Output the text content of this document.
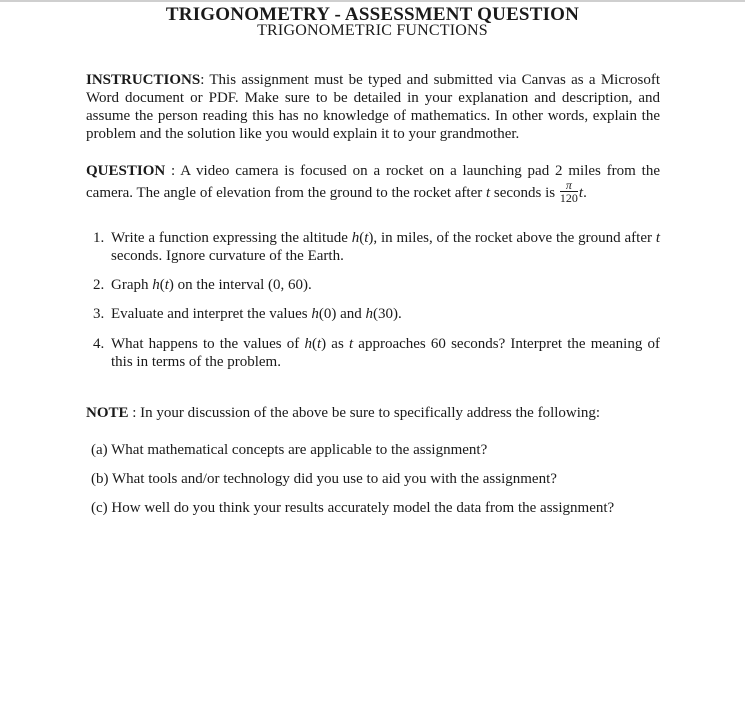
TRIGONOMETRY - ASSESSMENT QUESTION
TRIGONOMETRIC FUNCTIONS
INSTRUCTIONS: This assignment must be typed and submitted via Canvas as a Microsoft Word document or PDF. Make sure to be detailed in your explanation and description, and assume the person reading this has no knowledge of mathematics. In other words, explain the problem and the solution like you would explain it to your grandmother.
QUESTION : A video camera is focused on a rocket on a launching pad 2 miles from the camera. The angle of elevation from the ground to the rocket after t seconds is $\frac{\pi}{120} t$.
1. Write a function expressing the altitude h(t), in miles, of the rocket above the ground after t seconds. Ignore curvature of the Earth.
2. Graph h(t) on the interval (0, 60).
3. Evaluate and interpret the values h(0) and h(30).
4. What happens to the values of h(t) as t approaches 60 seconds? Interpret the meaning of this in terms of the problem.
NOTE : In your discussion of the above be sure to specifically address the following:
(a) What mathematical concepts are applicable to the assignment?
(b) What tools and/or technology did you use to aid you with the assignment?
(c) How well do you think your results accurately model the data from the assignment?
